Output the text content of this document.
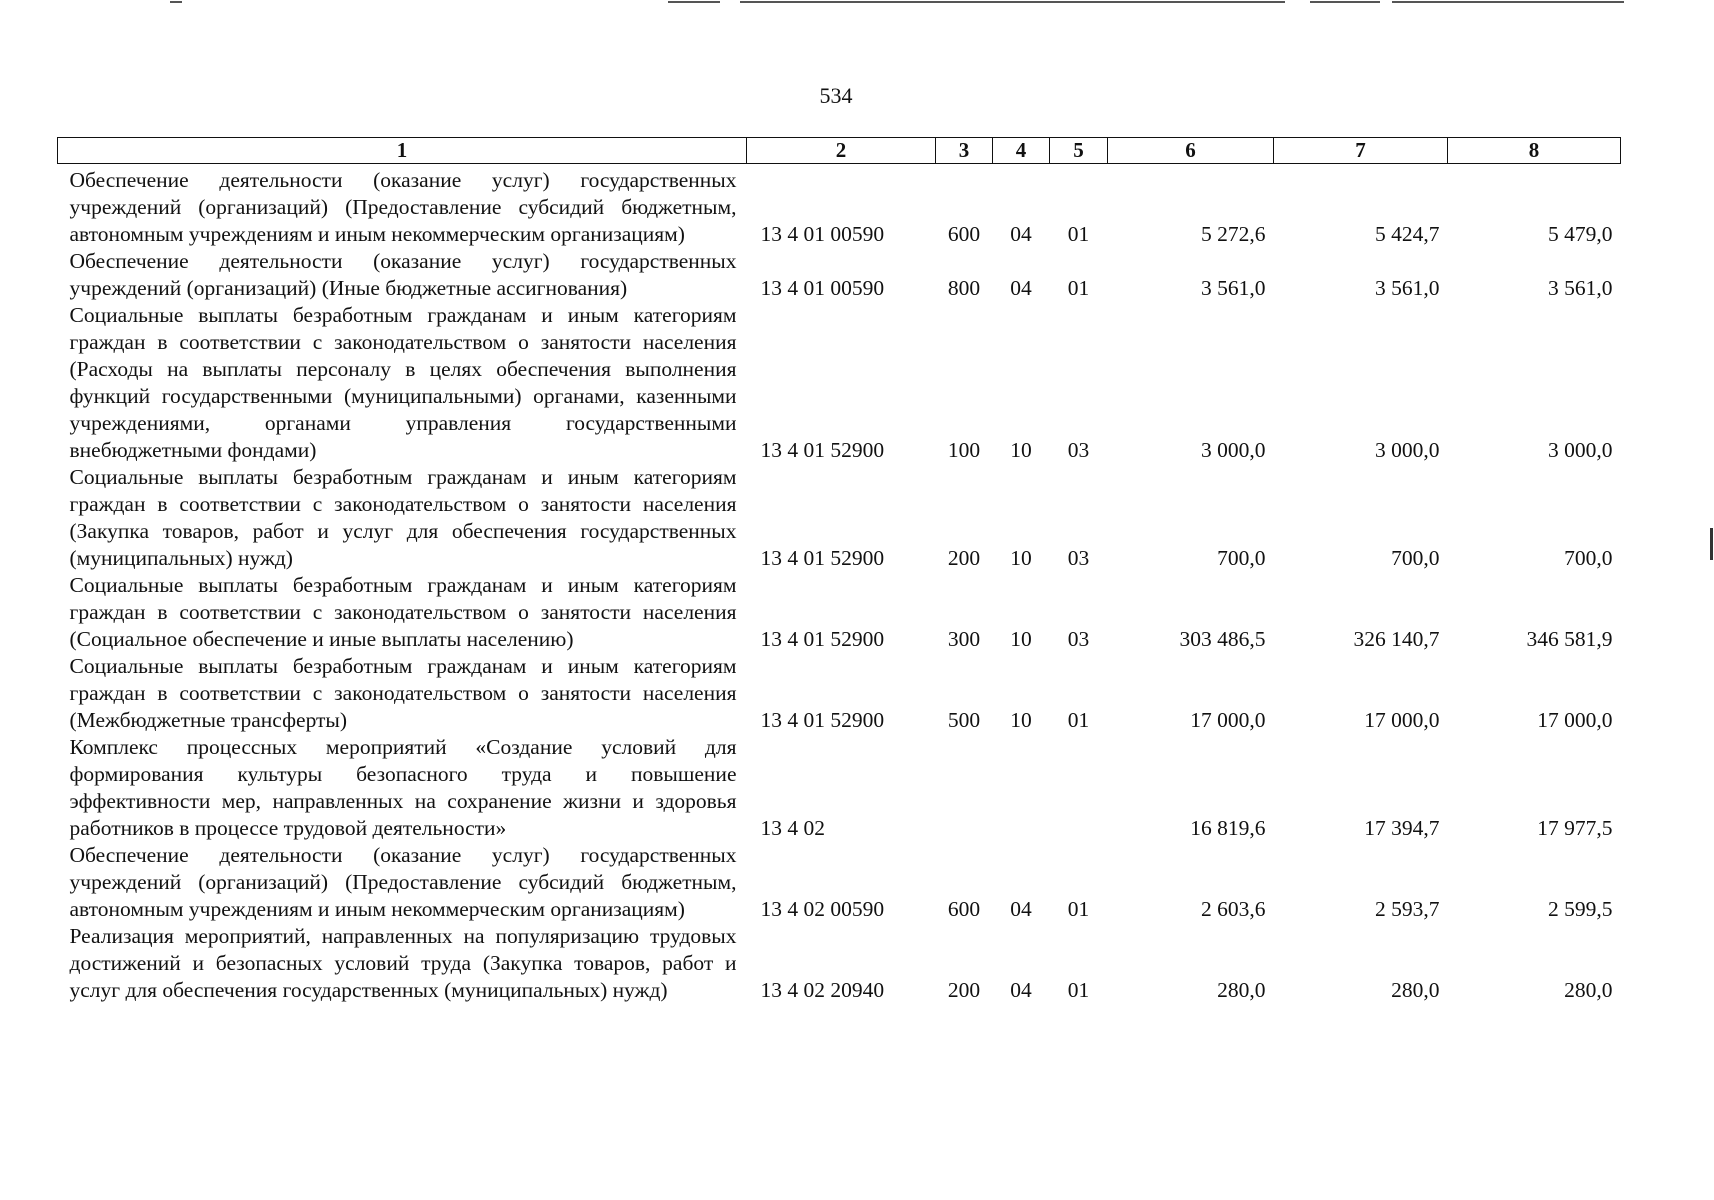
534
1	2	3	4	5	6	7	8
Обеспечение деятельности (оказание услуг) государственных учреждений (организаций) (Предоставление субсидий бюджетным, автономным учреждениям и иным некоммерческим организациям)	13 4 01 00590	600	04	01	5 272,6	5 424,7	5 479,0
Обеспечение деятельности (оказание услуг) государственных учреждений (организаций) (Иные бюджетные ассигнования)	13 4 01 00590	800	04	01	3 561,0	3 561,0	3 561,0
Социальные выплаты безработным гражданам и иным категориям граждан в соответствии с законодательством о занятости населения (Расходы на выплаты персоналу в целях обеспечения выполнения функций государственными (муниципальными) органами, казенными учреждениями, органами управления государственными внебюджетными фондами)	13 4 01 52900	100	10	03	3 000,0	3 000,0	3 000,0
Социальные выплаты безработным гражданам и иным категориям граждан в соответствии с законодательством о занятости населения (Закупка товаров, работ и услуг для обеспечения государственных (муниципальных) нужд)	13 4 01 52900	200	10	03	700,0	700,0	700,0
Социальные выплаты безработным гражданам и иным категориям граждан в соответствии с законодательством о занятости населения (Социальное обеспечение и иные выплаты населению)	13 4 01 52900	300	10	03	303 486,5	326 140,7	346 581,9
Социальные выплаты безработным гражданам и иным категориям граждан в соответствии с законодательством о занятости населения (Межбюджетные трансферты)	13 4 01 52900	500	10	01	17 000,0	17 000,0	17 000,0
Комплекс процессных мероприятий «Создание условий для формирования культуры безопасного труда и повышение эффективности мер, направленных на сохранение жизни и здоровья работников в процессе трудовой деятельности»	13 4 02				16 819,6	17 394,7	17 977,5
Обеспечение деятельности (оказание услуг) государственных учреждений (организаций) (Предоставление субсидий бюджетным, автономным учреждениям и иным некоммерческим организациям)	13 4 02 00590	600	04	01	2 603,6	2 593,7	2 599,5
Реализация мероприятий, направленных на популяризацию трудовых достижений и безопасных условий труда (Закупка товаров, работ и услуг для обеспечения государственных (муниципальных) нужд)	13 4 02 20940	200	04	01	280,0	280,0	280,0
